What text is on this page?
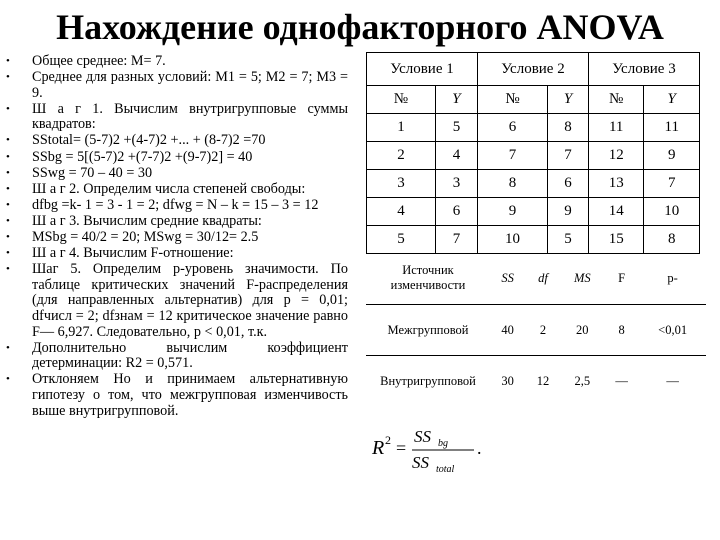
Нахождение однофакторного ANOVA
• Общее среднее: M= 7.
• Среднее для разных условий: M1 = 5; M2 = 7; M3 = 9.
• Ш а г 1. Вычислим внутригрупповые суммы квадратов:
• SStotal= (5-7)2 +(4-7)2 +... + (8-7)2 =70
• SSbg = 5[(5-7)2 +(7-7)2 +(9-7)2] = 40
• SSwg = 70 – 40 = 30
• Ш а г 2. Определим числа степеней свободы:
• dfbg =k- 1 = 3 - 1 = 2; dfwg = N – k = 15 – 3 = 12
• Ш а г 3. Вычислим средние квадраты:
• MSbg = 40/2 = 20; MSwg = 30/12= 2.5
• Ш а г 4. Вычислим F-отношение:
• Шаг 5. Определим р-уровень значимости. По таблице критических значений F-распределения (для направленных альтернатив) для р = 0,01; dfчисл = 2; dfзнам = 12 критическое значение равно F— 6,927. Следовательно, р < 0,01, т.к.
• Дополнительно вычислим коэффициент детерминации: R2 = 0,571.
• Отклоняем Но и принимаем альтернативную гипотезу о том, что межгрупповая изменчивость выше внутригрупповой.
Условие 1		Условие 2		Условие 3	
№	Y	№	Y	№	Y
1	5	6	8	11	11
2	4	7	7	12	9
3	3	8	6	13	7
4	6	9	9	14	10
5	7	10	5	15	8
Источник изменчивости	SS	df	MS	F	p-
Межгрупповой	40	2	20	8	<0,01
Внутригрупповой	30	12	2,5	—	—
R 2 =
SS bg
SS total
.
